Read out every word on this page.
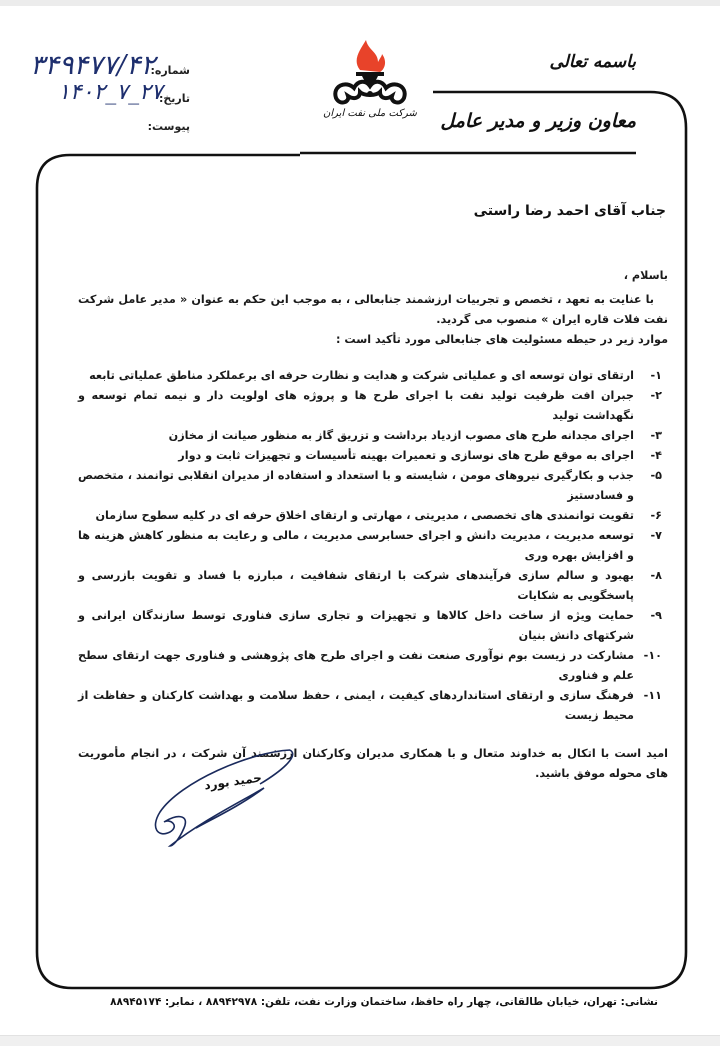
شرکت ملی نفت ایران
شماره:
تاریخ:
پیوست:
۳۴۹۴۷۷/۴۲
۱۴۰۲_۷_۲۷
باسمه تعالی
معاون وزیر و مدیر عامل
جناب آقای احمد رضا راستی
باسلام ،
با عنایت به تعهد ، تخصص و تجربیات ارزشمند جنابعالی ، به موجب این حکم به عنوان « مدیر عامل شرکت نفت فلات قاره ایران » منصوب می گردید.
موارد زیر در حیطه مسئولیت های جنابعالی مورد تأکید است :
۱-
ارتقای توان توسعه ای و عملیاتی شرکت و هدایت و نظارت حرفه ای برعملکرد مناطق عملیاتی تابعه
۲-
جبران افت ظرفیت تولید نفت با اجرای طرح ها و پروژه های اولویت دار و نیمه تمام توسعه و نگهداشت تولید
۳-
اجرای مجدانه طرح های مصوب ازدیاد برداشت و تزریق گاز به منظور صیانت از مخازن
۴-
اجرای به موقع طرح های نوسازی و تعمیرات بهینه تأسیسات و تجهیزات ثابت و دوار
۵-
جذب و بکارگیری نیروهای مومن ، شایسته و با استعداد و استفاده از مدیران انقلابی توانمند ، متخصص و فسادستیز
۶-
تقویت توانمندی های تخصصی ، مدیریتی ، مهارتی و ارتقای اخلاق حرفه ای در کلیه سطوح سازمان
۷-
توسعه مدیریت ، مدیریت دانش و اجرای حسابرسی مدیریت ، مالی و رعایت به منظور کاهش هزینه ها و افزایش بهره وری
۸-
بهبود و سالم سازی فرآیندهای شرکت با ارتقای شفافیت ، مبارزه با فساد و تقویت بازرسی و پاسخگویی به شکایات
۹-
حمایت ویژه از ساخت داخل کالاها و تجهیزات و تجاری سازی فناوری توسط سازندگان ایرانی و شرکتهای دانش بنیان
۱۰-
مشارکت در زیست بوم نوآوری صنعت نفت و اجرای طرح های پژوهشی و فناوری جهت ارتقای سطح علم و فناوری
۱۱-
فرهنگ سازی و ارتقای استانداردهای کیفیت ، ایمنی ، حفظ سلامت و بهداشت کارکنان و حفاظت از محیط زیست
امید است با اتکال به خداوند متعال و با همکاری مدیران وکارکنان ارزشمند آن شرکت ، در انجام مأموریت های محوله موفق باشید.
حمید بورد
نشانی: تهران، خیابان طالقانی، چهار راه حافظ، ساختمان وزارت نفت، تلفن: ۸۸۹۴۲۹۷۸ ، نمابر: ۸۸۹۴۵۱۷۴
